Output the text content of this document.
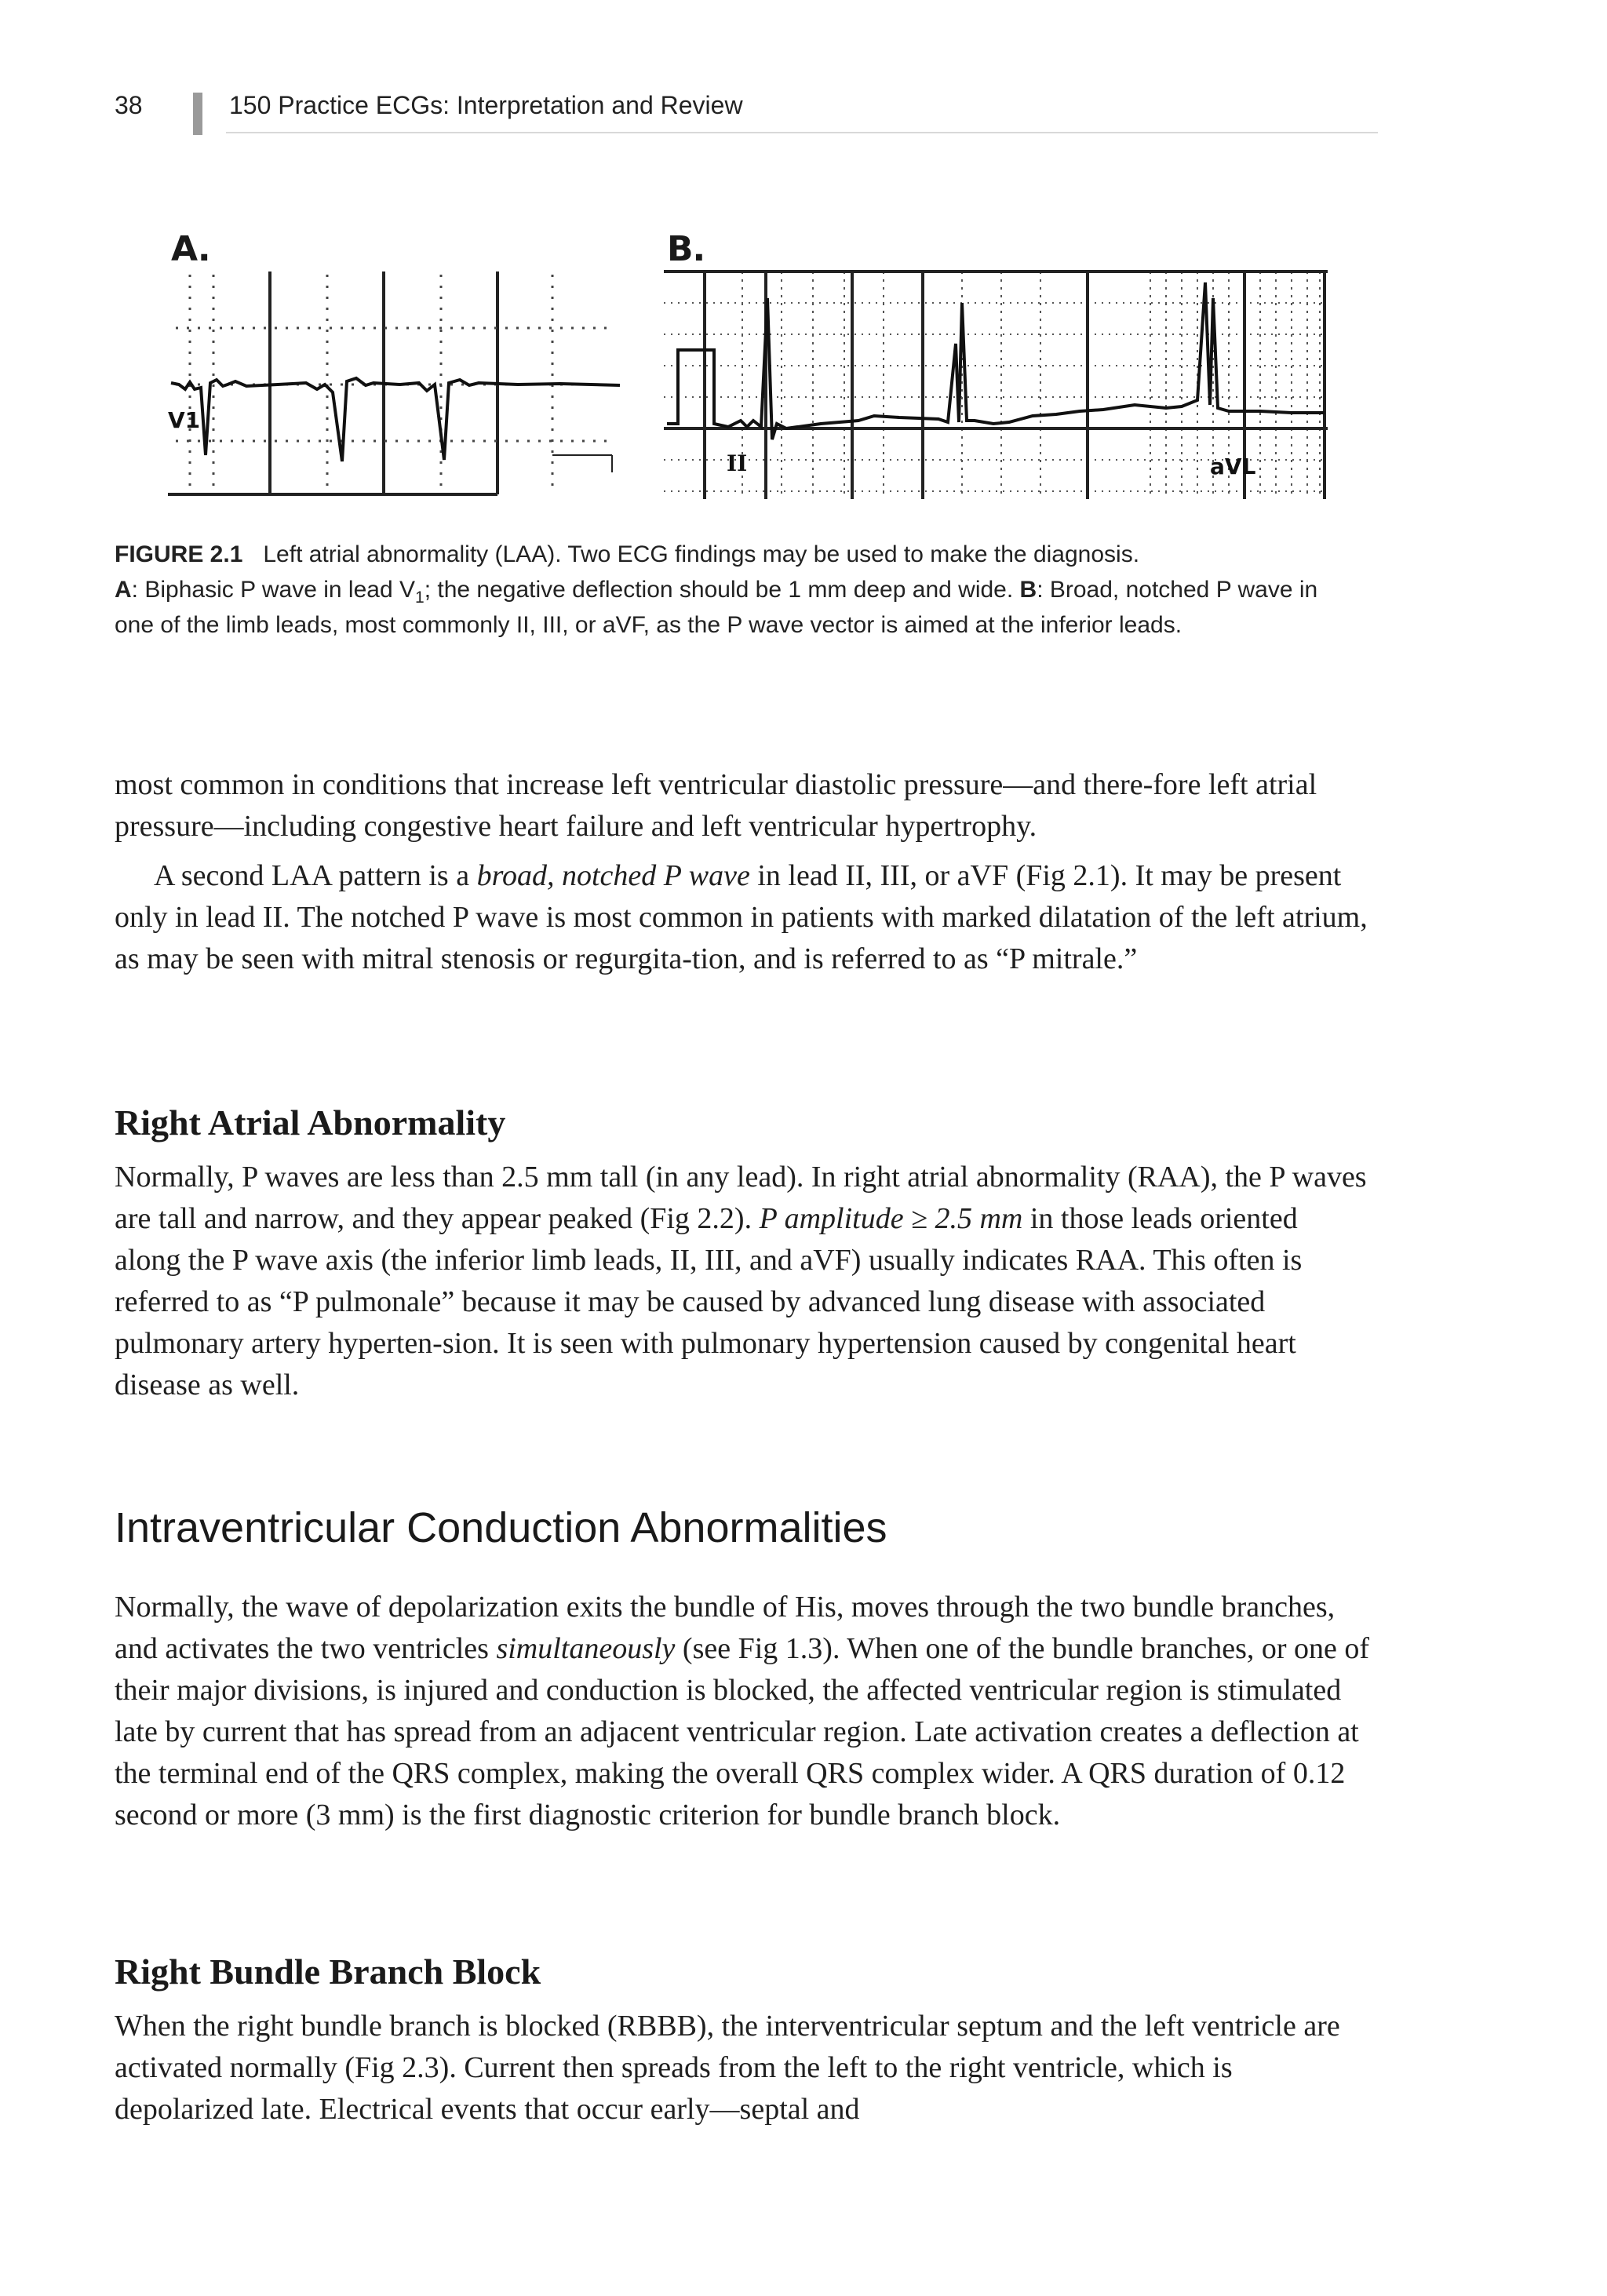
38	150 Practice ECGs: Interpretation and Review
A.
V1
B.
II	aVL
FIGURE 2.1 Left atrial abnormality (LAA). Two ECG findings may be used to make the diagnosis.
A: Biphasic P wave in lead $V_1$; the negative deflection should be 1 mm deep and wide. B: Broad, notched P wave in one of the limb leads, most commonly II, III, or aVF, as the P wave vector is aimed at the inferior leads.

most common in conditions that increase left ventricular diastolic pressure—and there-fore left atrial pressure—including congestive heart failure and left ventricular hypertrophy.

A second LAA pattern is a broad, notched P wave in lead II, III, or aVF (Fig 2.1). It may be present only in lead II. The notched P wave is most common in patients with marked dilatation of the left atrium, as may be seen with mitral stenosis or regurgita-tion, and is referred to as “P mitrale.”

Right Atrial Abnormality

Normally, P waves are less than 2.5 mm tall (in any lead). In right atrial abnormality (RAA), the P waves are tall and narrow, and they appear peaked (Fig 2.2). P amplitude ≥ 2.5 mm in those leads oriented along the P wave axis (the inferior limb leads, II, III, and aVF) usually indicates RAA. This often is referred to as “P pulmonale” because it may be caused by advanced lung disease with associated pulmonary artery hyperten-sion. It is seen with pulmonary hypertension caused by congenital heart disease as well.

Intraventricular Conduction Abnormalities

Normally, the wave of depolarization exits the bundle of His, moves through the two bundle branches, and activates the two ventricles simultaneously (see Fig 1.3). When one of the bundle branches, or one of their major divisions, is injured and conduction is blocked, the affected ventricular region is stimulated late by current that has spread from an adjacent ventricular region. Late activation creates a deflection at the terminal end of the QRS complex, making the overall QRS complex wider. A QRS duration of 0.12 second or more (3 mm) is the first diagnostic criterion for bundle branch block.

Right Bundle Branch Block

When the right bundle branch is blocked (RBBB), the interventricular septum and the left ventricle are activated normally (Fig 2.3). Current then spreads from the left to the right ventricle, which is depolarized late. Electrical events that occur early—septal and
